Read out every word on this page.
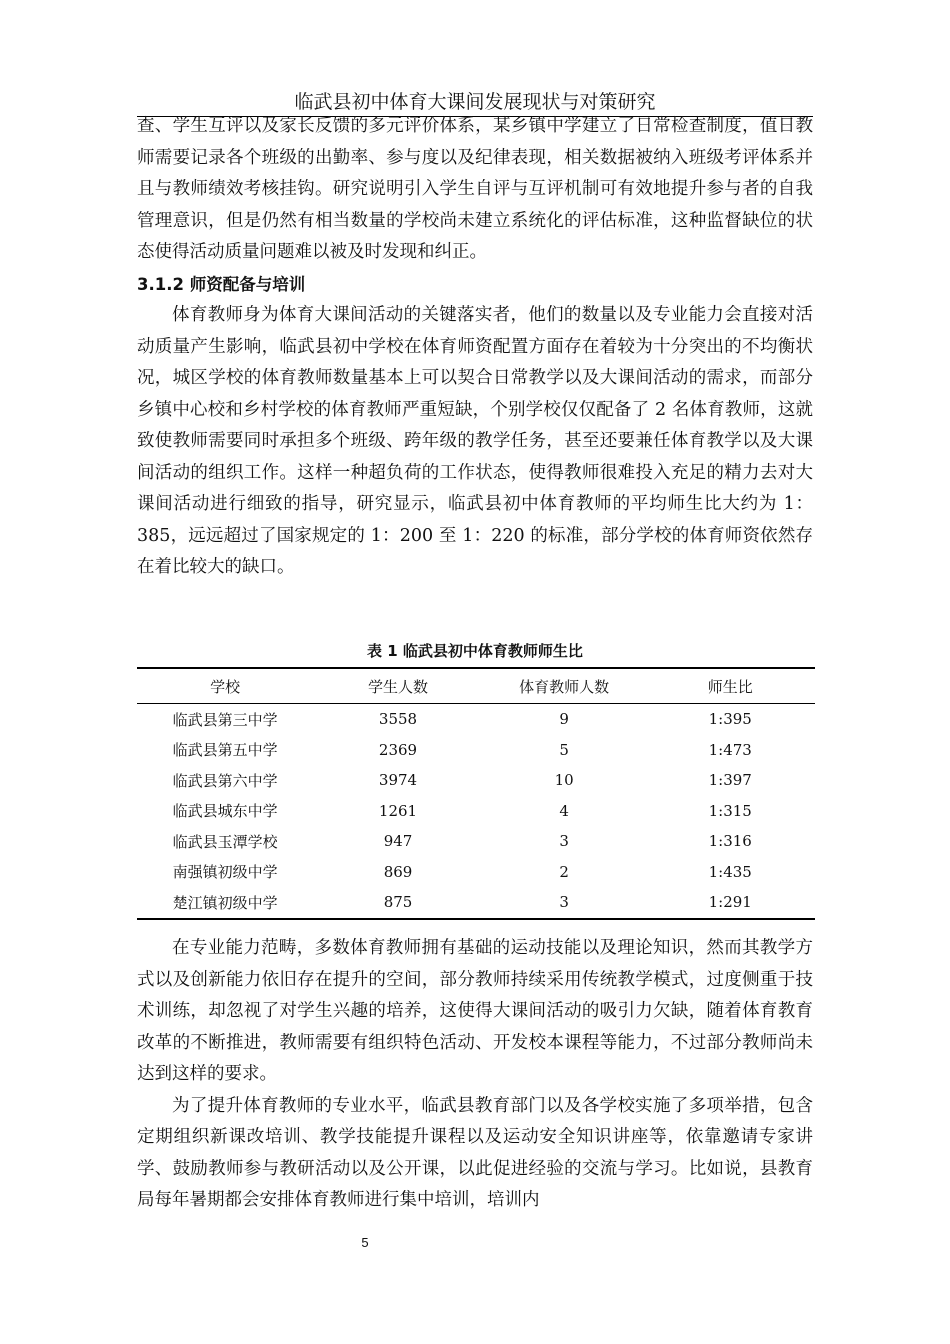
临武县初中体育大课间发展现状与对策研究

查、学生互评以及家长反馈的多元评价体系，某乡镇中学建立了日常检查制度，值日教师需要记录各个班级的出勤率、参与度以及纪律表现，相关数据被纳入班级考评体系并且与教师绩效考核挂钩。研究说明引入学生自评与互评机制可有效地提升参与者的自我管理意识，但是仍然有相当数量的学校尚未建立系统化的评估标准，这种监督缺位的状态使得活动质量问题难以被及时发现和纠正。

3.1.2 师资配备与培训

体育教师身为体育大课间活动的关键落实者，他们的数量以及专业能力会直接对活动质量产生影响，临武县初中学校在体育师资配置方面存在着较为十分突出的不均衡状况，城区学校的体育教师数量基本上可以契合日常教学以及大课间活动的需求，而部分乡镇中心校和乡村学校的体育教师严重短缺，个别学校仅仅配备了 2 名体育教师，这就致使教师需要同时承担多个班级、跨年级的教学任务，甚至还要兼任体育教学以及大课间活动的组织工作。这样一种超负荷的工作状态，使得教师很难投入充足的精力去对大课间活动进行细致的指导，研究显示，临武县初中体育教师的平均师生比大约为 1：385，远远超过了国家规定的 1：200 至 1：220 的标准，部分学校的体育师资依然存在着比较大的缺口。

表 1 临武县初中体育教师师生比
学校	学生人数	体育教师人数	师生比
临武县第三中学	3558	9	1:395
临武县第五中学	2369	5	1:473
临武县第六中学	3974	10	1:397
临武县城东中学	1261	4	1:315
临武县玉潭学校	947	3	1:316
南强镇初级中学	869	2	1:435
楚江镇初级中学	875	3	1:291

在专业能力范畴，多数体育教师拥有基础的运动技能以及理论知识，然而其教学方式以及创新能力依旧存在提升的空间，部分教师持续采用传统教学模式，过度侧重于技术训练，却忽视了对学生兴趣的培养，这使得大课间活动的吸引力欠缺，随着体育教育改革的不断推进，教师需要有组织特色活动、开发校本课程等能力，不过部分教师尚未达到这样的要求。

为了提升体育教师的专业水平，临武县教育部门以及各学校实施了多项举措，包含定期组织新课改培训、教学技能提升课程以及运动安全知识讲座等，依靠邀请专家讲学、鼓励教师参与教研活动以及公开课，以此促进经验的交流与学习。比如说，县教育局每年暑期都会安排体育教师进行集中培训，培训内

5
